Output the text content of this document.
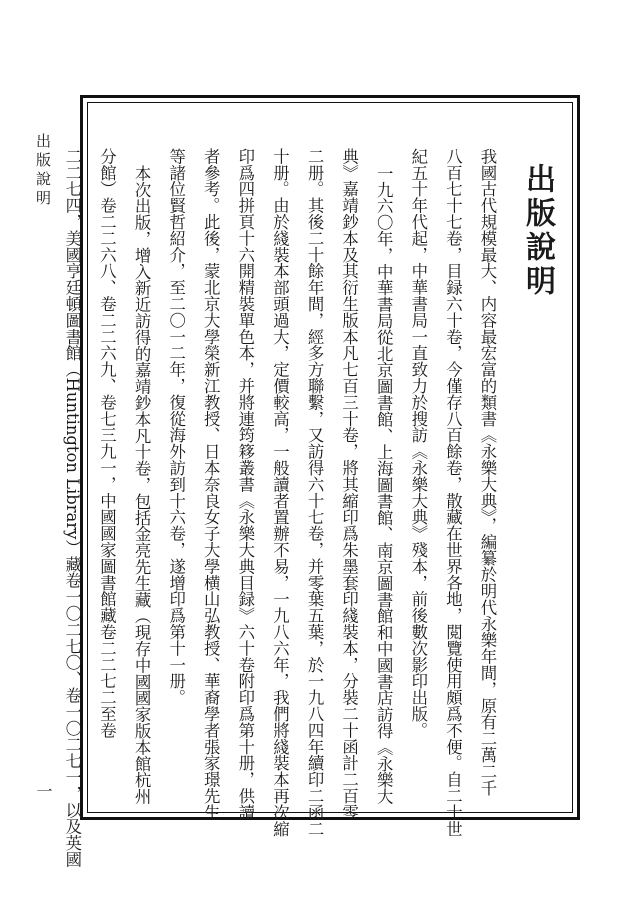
出版說明
一
出版說明
我國古代規模最大、内容最宏富的類書《永樂大典》，編纂於明代永樂年間，原有二萬二千
八百七十七卷，目録六十卷，今僅存八百餘卷，散藏在世界各地，閲覽使用頗爲不便。自二十世
紀五十年代起，中華書局一直致力於搜訪《永樂大典》殘本，前後數次影印出版。
一九六〇年，中華書局從北京圖書館、上海圖書館、南京圖書館和中國書店訪得《永樂大
典》嘉靖鈔本及其衍生版本凡七百三十卷，將其縮印爲朱墨套印綫裝本，分裝二十函計二百零
二册。其後二十餘年間，經多方聯繫，又訪得六十七卷，并零葉五葉，於一九八四年續印二函二
十册。由於綫裝本部頭過大，定價較高，一般讀者置辦不易，一九八六年，我們將綫裝本再次縮
印爲四拼頁十六開精裝單色本，并將連筠簃叢書《永樂大典目録》六十卷附印爲第十册，供讀
者參考。此後，蒙北京大學榮新江教授、日本奈良女子大學横山弘教授、華裔學者張家璟先生
等諸位賢哲紹介，至二〇一二年，復從海外訪到十六卷，遂增印爲第十一册。
本次出版，增入新近訪得的嘉靖鈔本凡十卷，包括金亮先生藏（現存中國國家版本館杭州
分館）卷二二六八、卷二二六九、卷七三九一，中國國家圖書館藏卷二二七二至卷
二二七四，美國亨廷頓圖書館（Huntington Library）藏卷一〇二七〇、卷一〇二七一，以及英國
